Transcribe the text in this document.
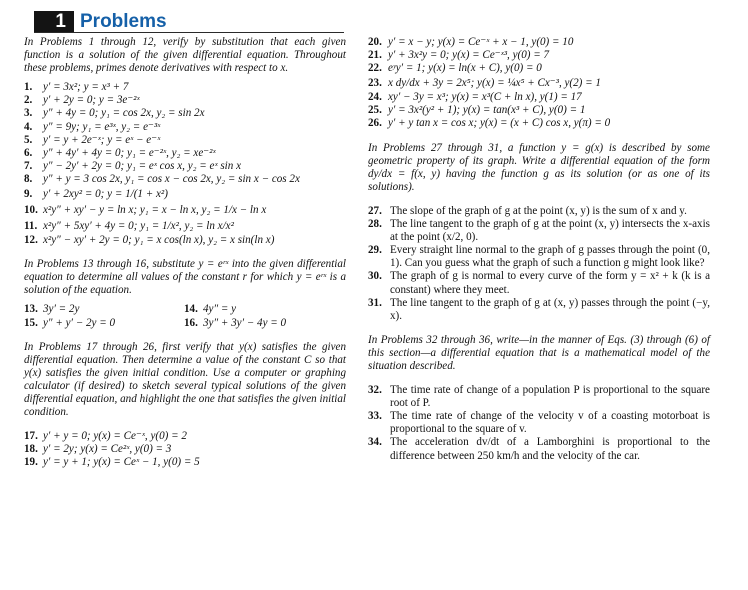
1 Problems

In Problems 1 through 12, verify by substitution that each given function is a solution of the given differential equation. Throughout these problems, primes denote derivatives with respect to x.

1. y′ = 3x²; y = x³ + 7
2. y′ + 2y = 0; y = 3e⁻²ˣ
3. y″ + 4y = 0; y₁ = cos 2x, y₂ = sin 2x
4. y″ = 9y; y₁ = e³ˣ, y₂ = e⁻³ˣ
5. y′ = y + 2e⁻ˣ; y = eˣ − e⁻ˣ
6. y″ + 4y′ + 4y = 0; y₁ = e⁻²ˣ, y₂ = xe⁻²ˣ
7. y″ − 2y′ + 2y = 0; y₁ = eˣ cos x, y₂ = eˣ sin x
8. y″ + y = 3 cos 2x, y₁ = cos x − cos 2x, y₂ = sin x − cos 2x
9. y′ + 2xy² = 0; y = 1/(1 + x²)
10. x²y″ + xy′ − y = ln x; y₁ = x − ln x, y₂ = 1/x − ln x
11. x²y″ + 5xy′ + 4y = 0; y₁ = 1/x², y₂ = ln x/x²
12. x²y″ − xy′ + 2y = 0; y₁ = x cos(ln x), y₂ = x sin(ln x)

In Problems 13 through 16, substitute y = eʳˣ into the given differential equation to determine all values of the constant r for which y = eʳˣ is a solution of the equation.

13. 3y′ = 2y	14. 4y″ = y
15. y″ + y′ − 2y = 0	16. 3y″ + 3y′ − 4y = 0

In Problems 17 through 26, first verify that y(x) satisfies the given differential equation. Then determine a value of the constant C so that y(x) satisfies the given initial condition. Use a computer or graphing calculator (if desired) to sketch several typical solutions of the given differential equation, and highlight the one that satisfies the given initial condition.

17. y′ + y = 0; y(x) = Ce⁻ˣ, y(0) = 2
18. y′ = 2y; y(x) = Ce²ˣ, y(0) = 3
19. y′ = y + 1; y(x) = Ceˣ − 1, y(0) = 5
20. y′ = x − y; y(x) = Ce⁻ˣ + x − 1, y(0) = 10
21. y′ + 3x²y = 0; y(x) = Ce⁻ˣ³, y(0) = 7
22. eʸy′ = 1; y(x) = ln(x + C), y(0) = 0
23. x dy/dx + 3y = 2x⁵; y(x) = ¼x⁵ + Cx⁻³, y(2) = 1
24. xy′ − 3y = x³; y(x) = x³(C + ln x), y(1) = 17
25. y′ = 3x²(y² + 1); y(x) = tan(x³ + C), y(0) = 1
26. y′ + y tan x = cos x; y(x) = (x + C) cos x, y(π) = 0

In Problems 27 through 31, a function y = g(x) is described by some geometric property of its graph. Write a differential equation of the form dy/dx = f(x, y) having the function g as its solution (or as one of its solutions).

27. The slope of the graph of g at the point (x, y) is the sum of x and y.
28. The line tangent to the graph of g at the point (x, y) intersects the x-axis at the point (x/2, 0).
29. Every straight line normal to the graph of g passes through the point (0, 1). Can you guess what the graph of such a function g might look like?
30. The graph of g is normal to every curve of the form y = x² + k (k is a constant) where they meet.
31. The line tangent to the graph of g at (x, y) passes through the point (−y, x).

In Problems 32 through 36, write—in the manner of Eqs. (3) through (6) of this section—a differential equation that is a mathematical model of the situation described.

32. The time rate of change of a population P is proportional to the square root of P.
33. The time rate of change of the velocity v of a coasting motorboat is proportional to the square of v.
34. The acceleration dv/dt of a Lamborghini is proportional to the difference between 250 km/h and the velocity of the car.
